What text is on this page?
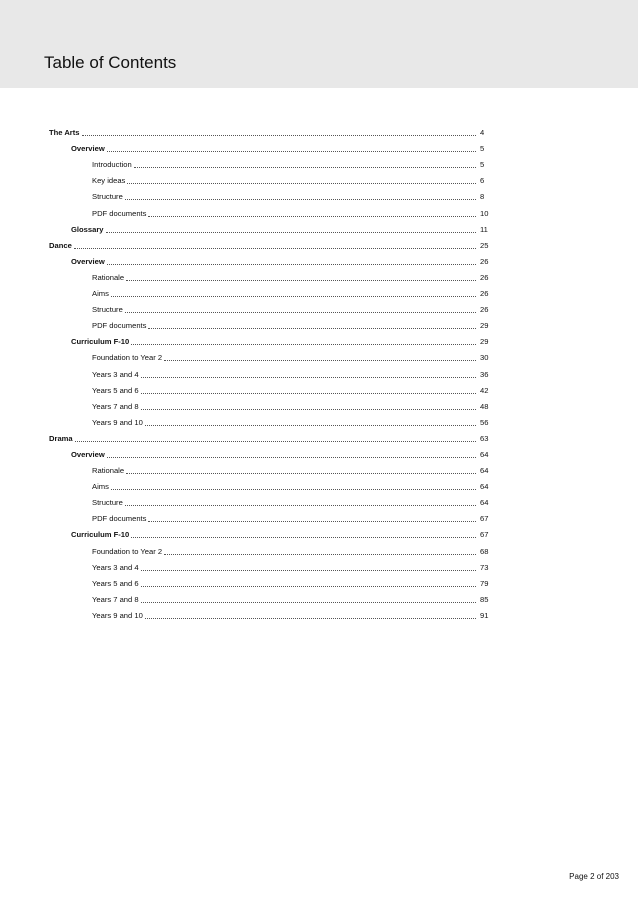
Table of Contents
The Arts	4
Overview	5
Introduction	5
Key ideas	6
Structure	8
PDF documents	10
Glossary	11
Dance	25
Overview	26
Rationale	26
Aims	26
Structure	26
PDF documents	29
Curriculum F-10	29
Foundation to Year 2	30
Years 3 and 4	36
Years 5 and 6	42
Years 7 and 8	48
Years 9 and 10	56
Drama	63
Overview	64
Rationale	64
Aims	64
Structure	64
PDF documents	67
Curriculum F-10	67
Foundation to Year 2	68
Years 3 and 4	73
Years 5 and 6	79
Years 7 and 8	85
Years 9 and 10	91
Page 2 of 203
